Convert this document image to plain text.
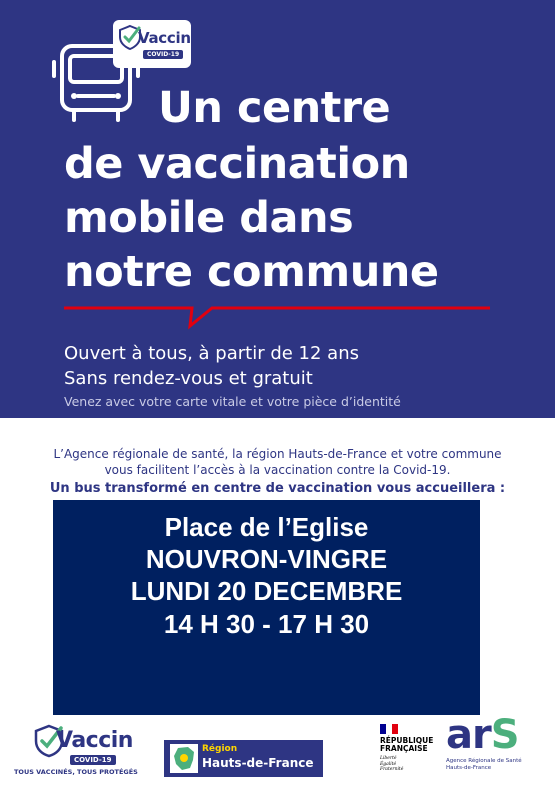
Vaccin
COVID-19
Un centre
de vaccination
mobile dans
notre commune
Ouvert à tous, à partir de 12 ans
Sans rendez-vous et gratuit
Venez avec votre carte vitale et votre pièce d’identité
L’Agence régionale de santé, la région Hauts-de-France et votre commune
vous facilitent l’accès à la vaccination contre la Covid-19.
Un bus transformé en centre de vaccination vous accueillera :
Place de l’Eglise
NOUVRON-VINGRE
LUNDI 20 DECEMBRE
14 H 30 - 17 H 30
Vaccin
COVID-19
TOUS VACCINÉS, TOUS PROTÉGÉS
Région
Hauts-de-France
RÉPUBLIQUE
FRANÇAISE
Liberté
Égalité
Fraternité
arS
Agence Régionale de Santé
Hauts-de-France
